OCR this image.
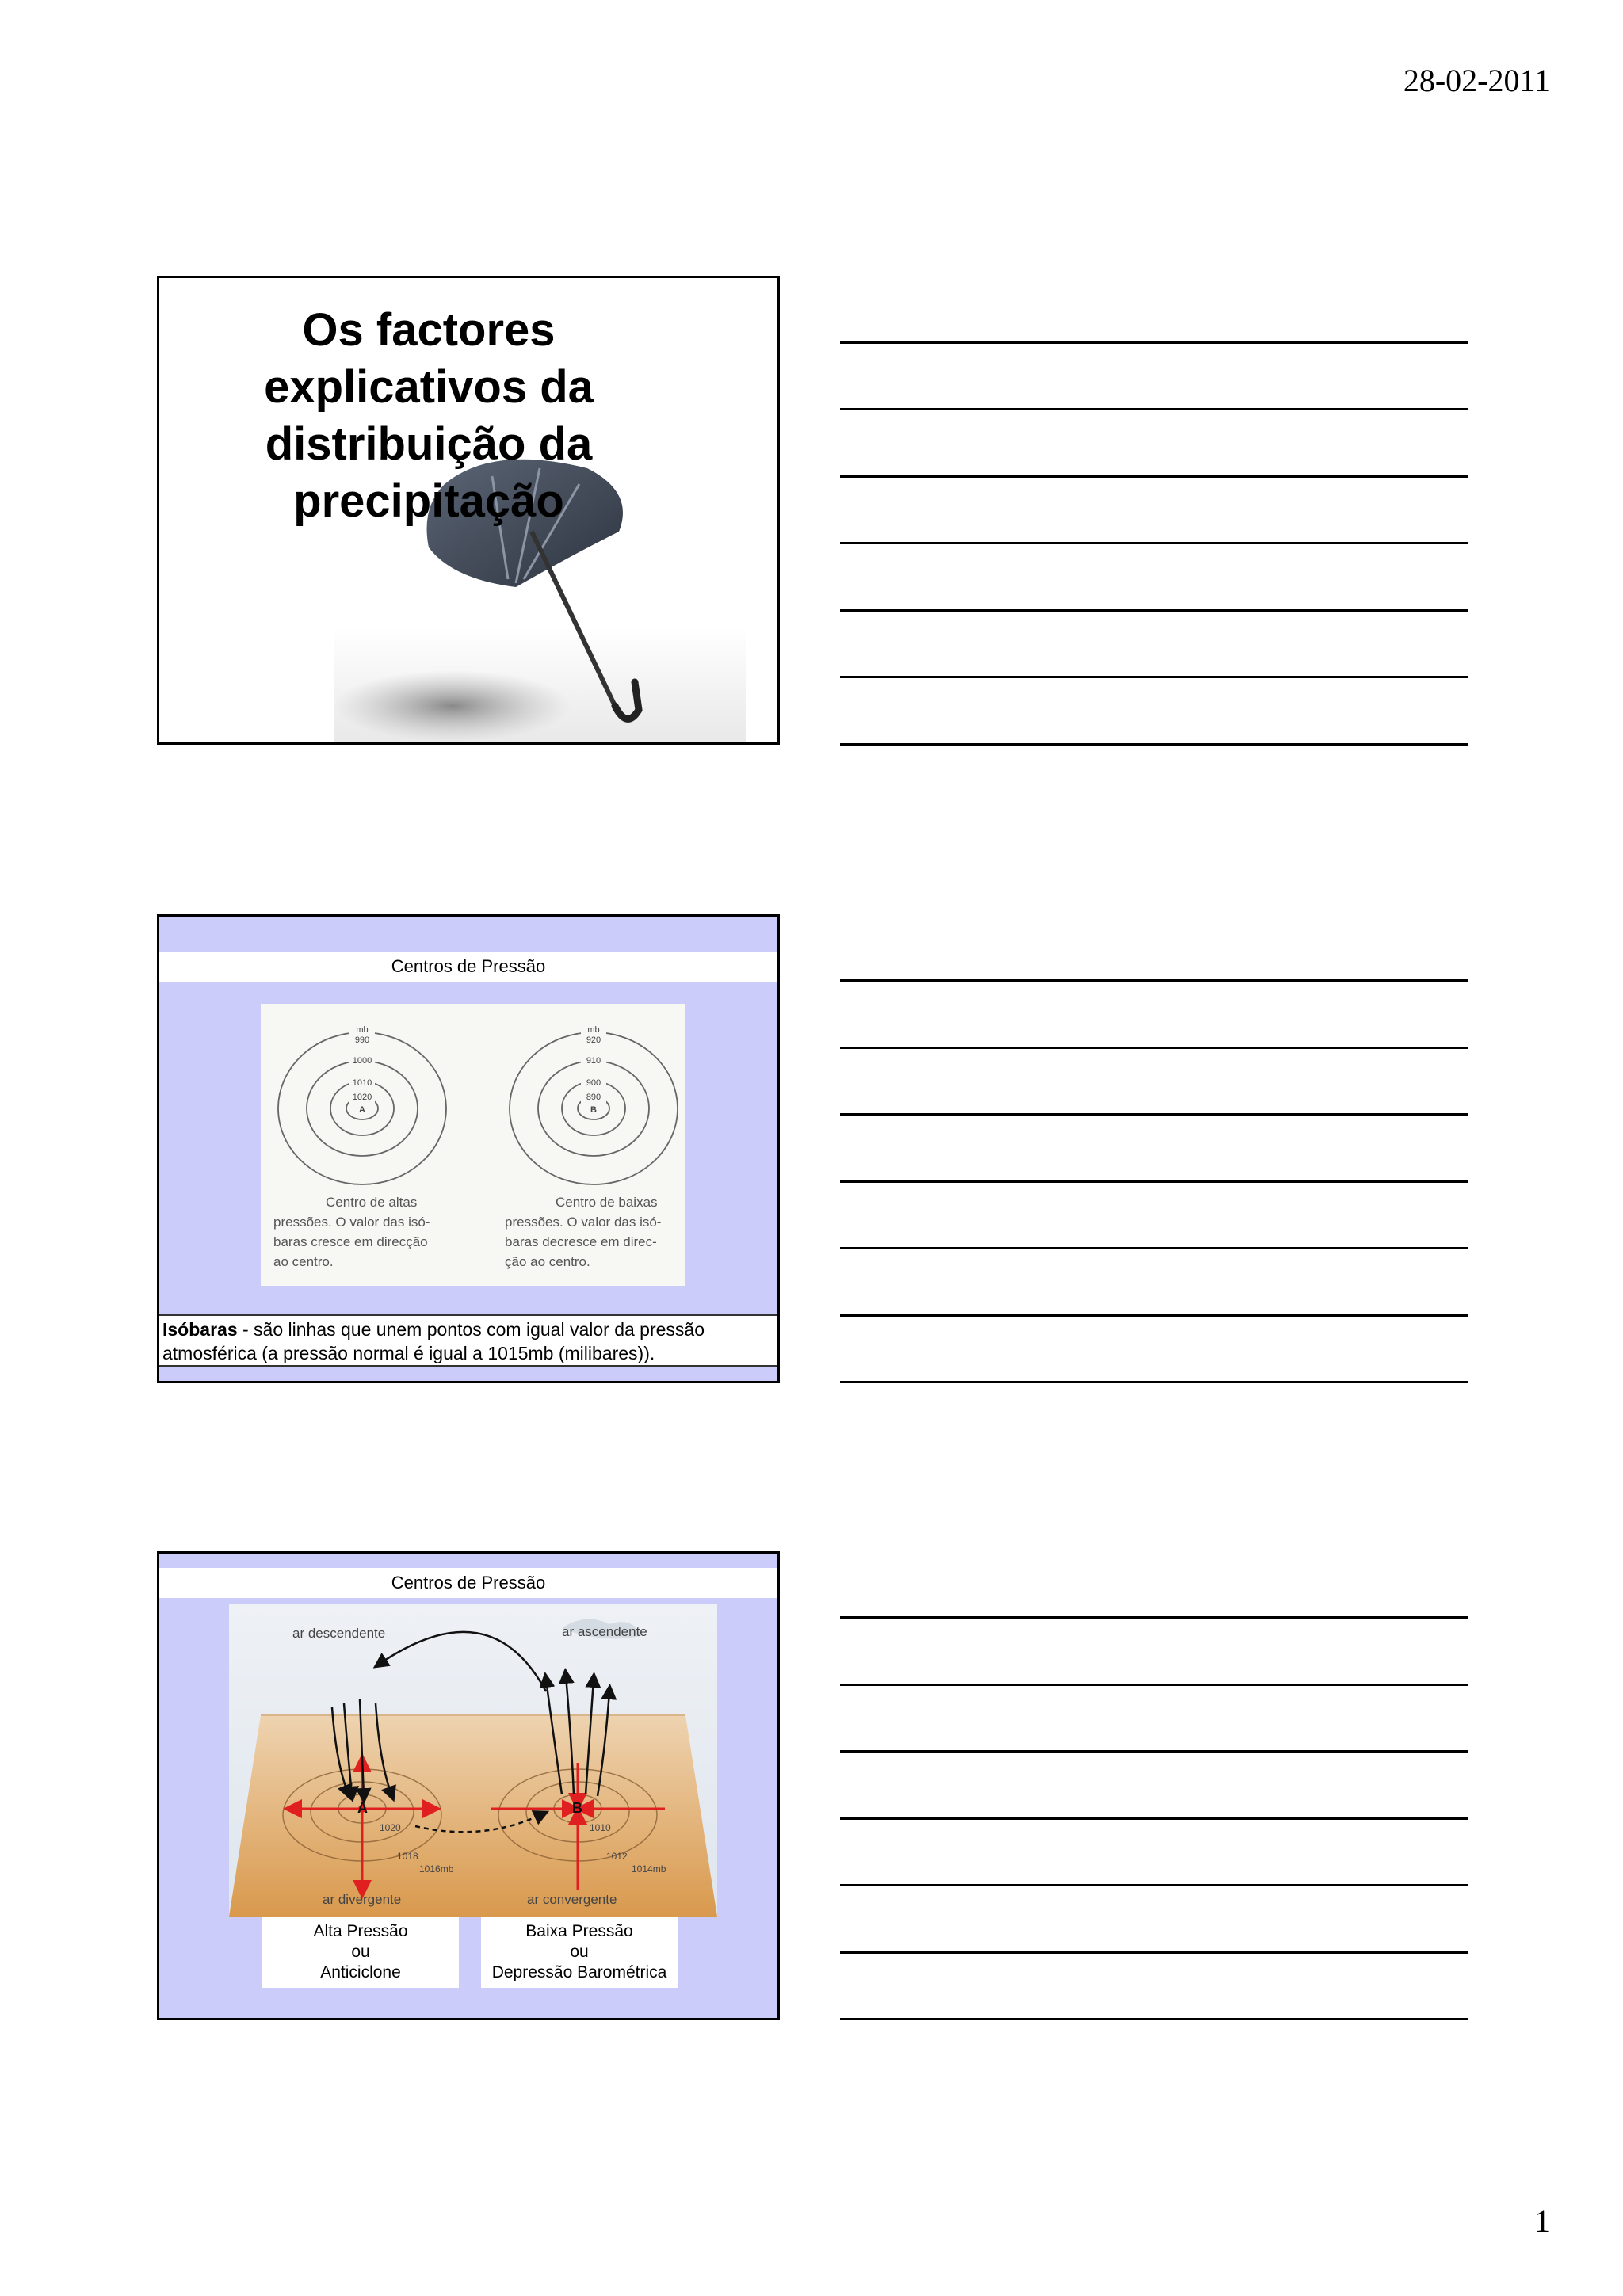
28-02-2011
Os factores explicativos da distribuição da precipitação
Centros de Pressão
mb
990
1000
1010
1020
A
mb
920
910
900
890
B
Centro de altas
pressões. O valor das isó-
baras cresce em direcção
ao centro.
Centro de baixas
pressões. O valor das isó-
baras decresce em direc-
ção ao centro.
Isóbaras - são linhas que unem pontos com igual valor da pressão atmosférica (a pressão normal é igual a 1015mb (milibares)).
Centros de Pressão
ar descendente	ar ascendente
A	B
1020
1018
1016mb
1010
1012
1014mb
ar divergente	ar convergente
Alta Pressão
ou
Anticiclone
Baixa Pressão
ou
Depressão Barométrica
1
